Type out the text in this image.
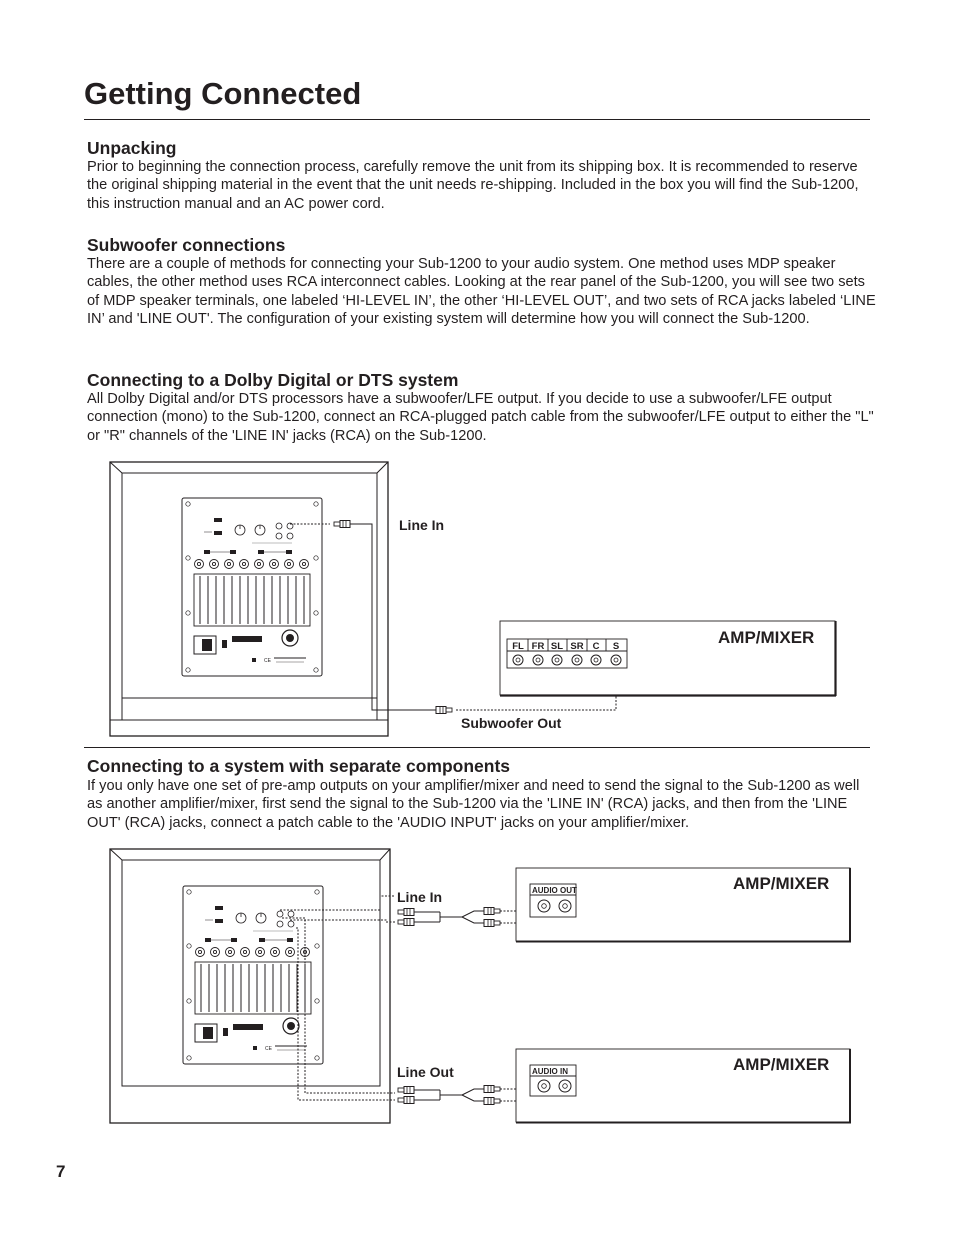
Getting Connected
Unpacking

Prior to beginning the connection process, carefully remove the unit from its shipping box. It is recommended to reserve the original shipping material in the event that the unit needs re-shipping. Included in the box you will find the Sub-1200, this instruction manual and an AC power cord.

Subwoofer connections

There are a couple of methods for connecting your Sub-1200 to your audio system. One method uses MDP speaker cables, the other method uses RCA interconnect cables. Looking at the rear panel of the Sub-1200, you will see two sets of MDP speaker terminals, one labeled ‘HI-LEVEL IN’, the other ‘HI-LEVEL OUT’, and two sets of RCA jacks labeled ‘LINE IN’ and 'LINE OUT'. The configuration of your existing system will determine how you will connect the Sub-1200.

Connecting to a Dolby Digital or DTS system

All Dolby Digital and/or DTS processors have a subwoofer/LFE output. If you decide to use a subwoofer/LFE output connection (mono) to the Sub-1200, connect an RCA-plugged patch cable from the subwoofer/LFE output to either the "L" or "R" channels of the 'LINE IN' jacks (RCA) on the Sub-1200.

Connecting to a system with separate components

If you only have one set of pre-amp outputs on your amplifier/mixer and need to send the signal to the Sub-1200 as well as another amplifier/mixer, first send the signal to the Sub-1200 via the 'LINE IN' (RCA) jacks, and then from the 'LINE OUT' (RCA) jacks, connect a patch cable to the 'AUDIO INPUT' jacks on your amplifier/mixer.

7

CE
FL FR SL SR C S	AMP/MIXER
Line In
Subwoofer Out
AUDIO OUT	AMP/MIXER
AUDIO IN	AMP/MIXER
Line In
Line Out
